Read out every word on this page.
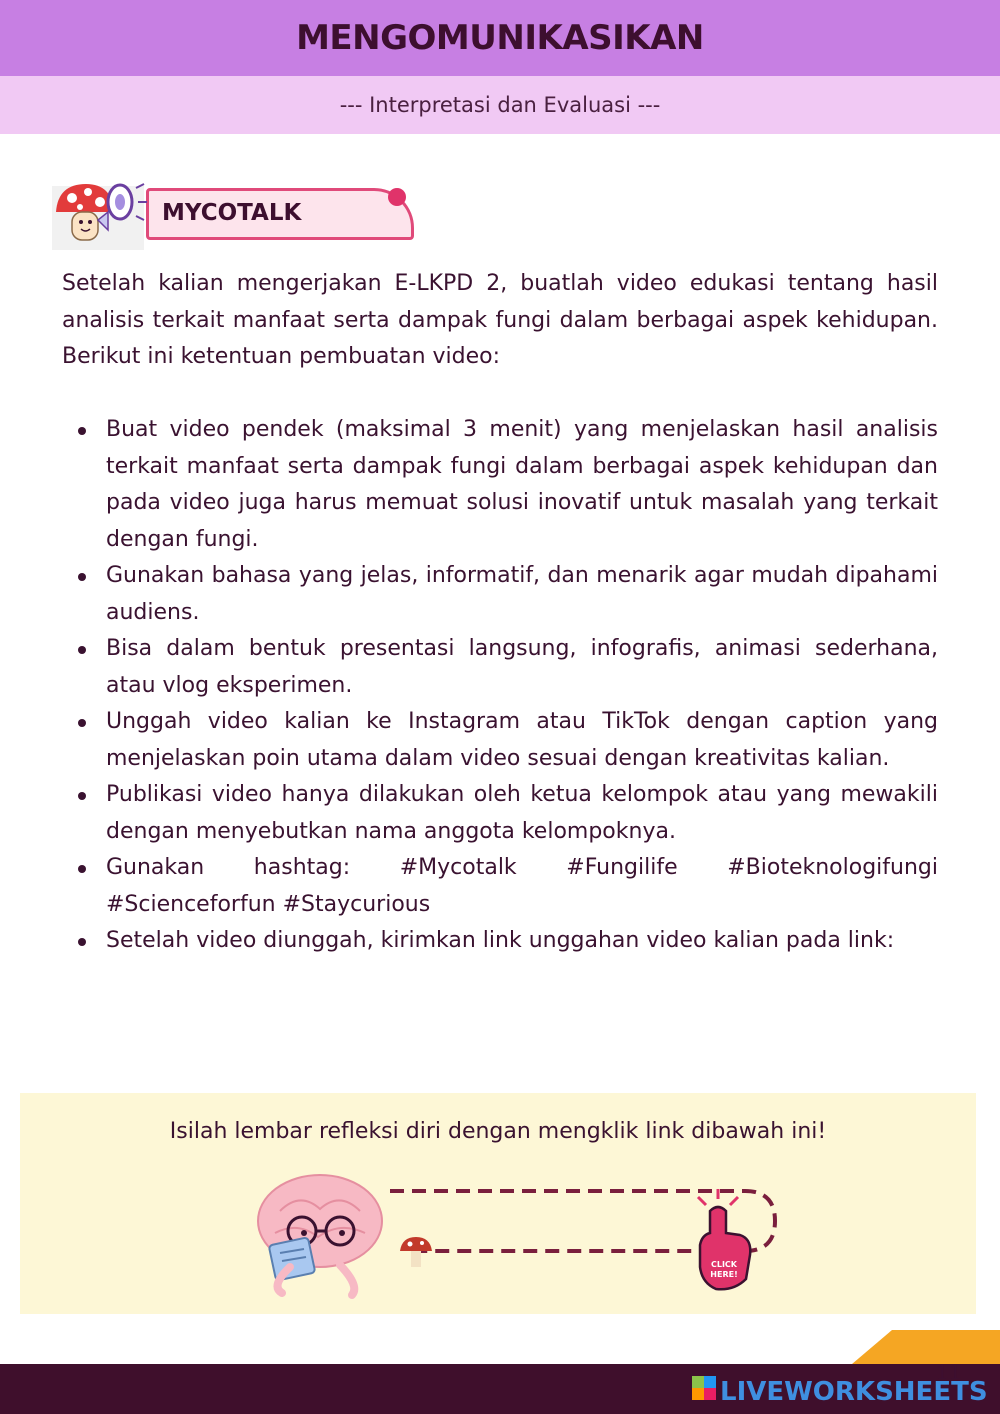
MENGOMUNIKASIKAN
--- Interpretasi dan Evaluasi ---
MYCOTALK

Setelah kalian mengerjakan E-LKPD 2, buatlah video edukasi tentang hasil analisis terkait manfaat serta dampak fungi dalam berbagai aspek kehidupan. Berikut ini ketentuan pembuatan video:

Buat video pendek (maksimal 3 menit) yang menjelaskan hasil analisis terkait manfaat serta dampak fungi dalam berbagai aspek kehidupan dan pada video juga harus memuat solusi inovatif untuk masalah yang terkait dengan fungi.
Gunakan bahasa yang jelas, informatif, dan menarik agar mudah dipahami audiens.
Bisa dalam bentuk presentasi langsung, infografis, animasi sederhana, atau vlog eksperimen.
Unggah video kalian ke Instagram atau TikTok dengan caption yang menjelaskan poin utama dalam video sesuai dengan kreativitas kalian.
Publikasi video hanya dilakukan oleh ketua kelompok atau yang mewakili dengan menyebutkan nama anggota kelompoknya.
Gunakan hashtag: #Mycotalk #Fungilife #Bioteknologifungi #Scienceforfun #Staycurious
Setelah video diunggah, kirimkan link unggahan video kalian pada link:
Isilah lembar refleksi diri dengan mengklik link dibawah ini!
CLICK
HERE!
11
LIVEWORKSHEETS
